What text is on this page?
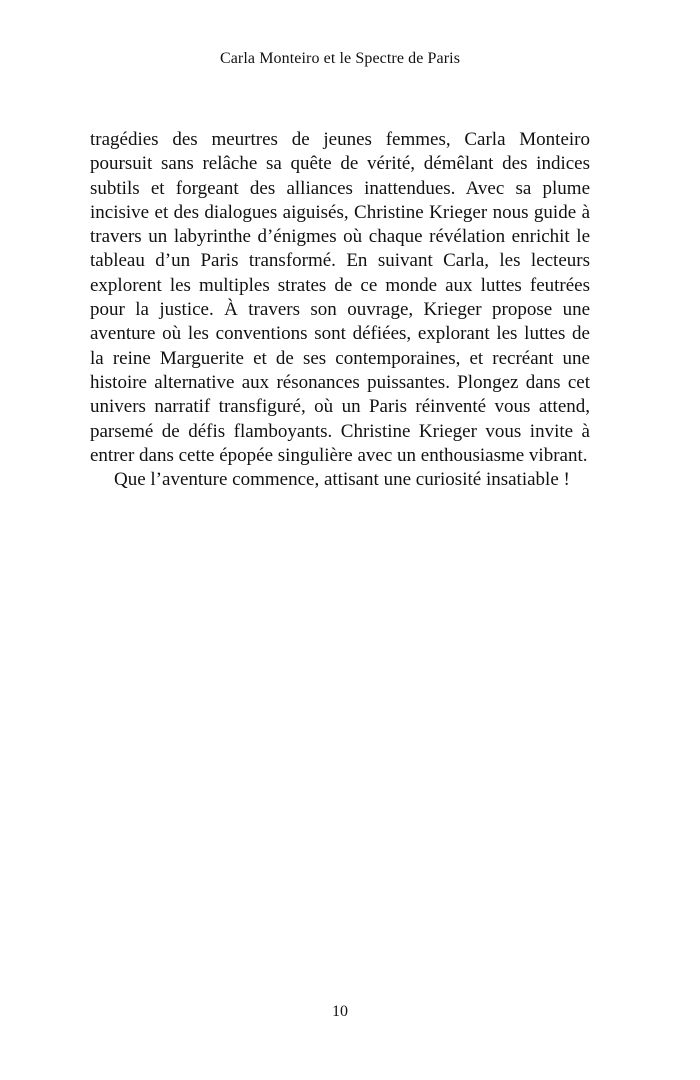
Carla Monteiro et le Spectre de Paris

tragédies des meurtres de jeunes femmes, Carla Monteiro poursuit sans relâche sa quête de vérité, démêlant des indices subtils et forgeant des alliances inattendues. Avec sa plume incisive et des dialogues aiguisés, Christine Krieger nous guide à travers un labyrinthe d’énigmes où chaque révélation enrichit le tableau d’un Paris transformé. En suivant Carla, les lecteurs explorent les multiples strates de ce monde aux luttes feutrées pour la justice. À travers son ouvrage, Krieger propose une aventure où les conventions sont défiées, explorant les luttes de la reine Marguerite et de ses contemporaines, et recréant une histoire alternative aux résonances puissantes. Plongez dans cet univers narratif transfiguré, où un Paris réinventé vous attend, parsemé de défis flamboyants. Christine Krieger vous invite à entrer dans cette épopée singulière avec un enthousiasme vibrant.

Que l’aventure commence, attisant une curiosité insatiable !

10
